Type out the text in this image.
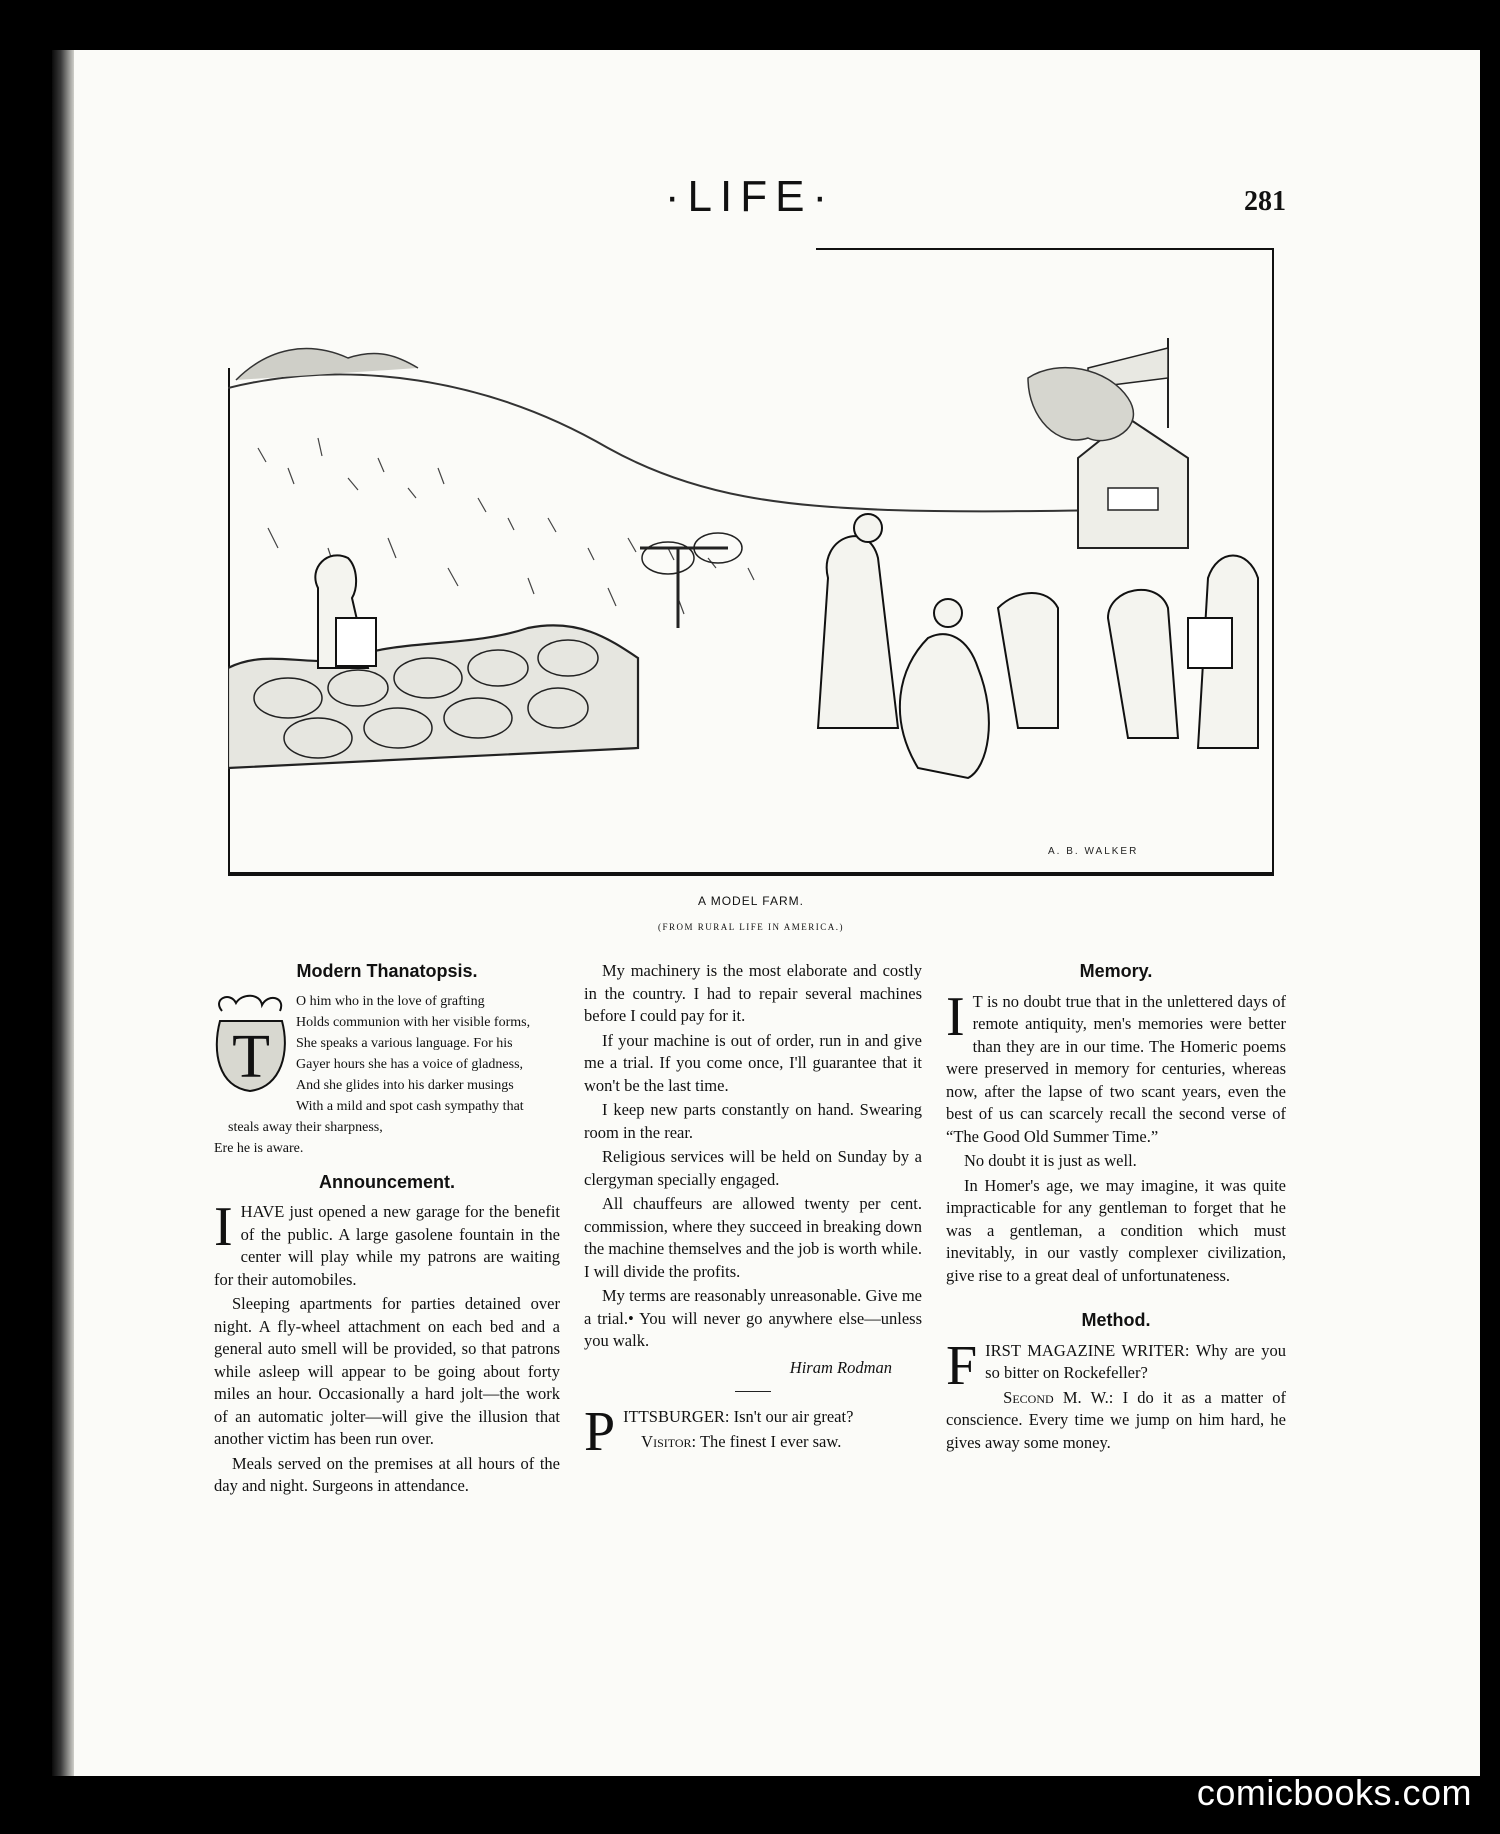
·LIFE·	281
A. B. WALKER
A MODEL FARM.
(FROM RURAL LIFE IN AMERICA.)
Modern Thanatopsis.
T
O him who in the love of grafting
Holds communion with her visible forms,
She speaks a various language. For his
Gayer hours she has a voice of gladness,
And she glides into his darker musings
With a mild and spot cash sympathy that
steals away their sharpness,
Ere he is aware.
Announcement.

IHAVE just opened a new garage for the benefit of the public. A large gasolene fountain in the center will play while my patrons are waiting for their automobiles.

Sleeping apartments for parties detained over night. A fly-wheel attachment on each bed and a general auto smell will be provided, so that patrons while asleep will appear to be going about forty miles an hour. Occasionally a hard jolt—the work of an automatic jolter—will give the illusion that another victim has been run over.

Meals served on the premises at all hours of the day and night. Surgeons in attendance.

My machinery is the most elaborate and costly in the country. I had to repair several machines before I could pay for it.

If your machine is out of order, run in and give me a trial. If you come once, I'll guarantee that it won't be the last time.

I keep new parts constantly on hand. Swearing room in the rear.

Religious services will be held on Sunday by a clergyman specially engaged.

All chauffeurs are allowed twenty per cent. commission, where they succeed in breaking down the machine themselves and the job is worth while. I will divide the profits.

My terms are reasonably unreasonable. Give me a trial.• You will never go anywhere else—unless you walk.

Hiram Rodman

PITTSBURGER: Isn't our air great?

Visitor: The finest I ever saw.

Memory.

I T is no doubt true that in the unlettered days of remote antiquity, men's memories were better than they are in our time. The Homeric poems were preserved in memory for centuries, whereas now, after the lapse of two scant years, even the best of us can scarcely recall the second verse of “The Good Old Summer Time.”

No doubt it is just as well.

In Homer's age, we may imagine, it was quite impracticable for any gentleman to forget that he was a gentleman, a condition which must inevitably, in our vastly complexer civilization, give rise to a great deal of unfortunateness.

Method.

FIRST MAGAZINE WRITER: Why are you so bitter on Rockefeller?

Second M. W.: I do it as a matter of conscience. Every time we jump on him hard, he gives away some money.

comicbooks.com
